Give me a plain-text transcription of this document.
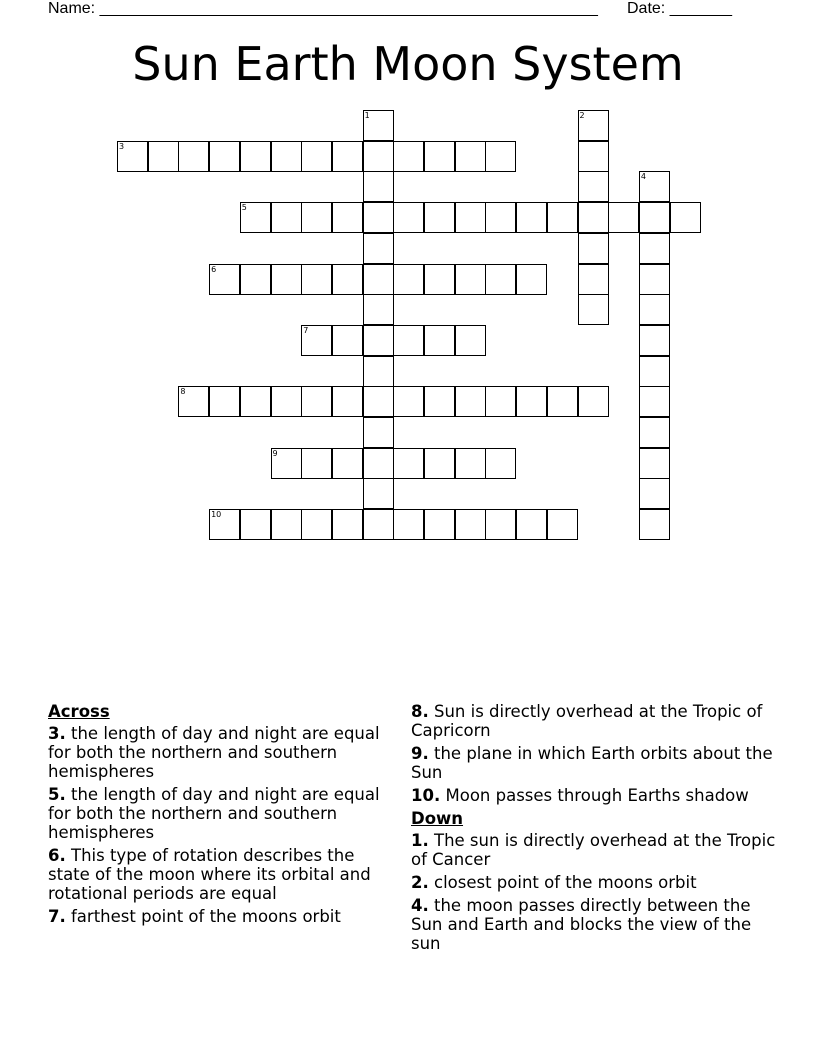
Name: ________________________________________________________ Date: _______
Sun Earth Moon System
1	2
3
4
5
6
7
8
9
10
Across
3. the length of day and night are equal for both the northern and southern hemispheres
5. the length of day and night are equal for both the northern and southern hemispheres
6. This type of rotation describes the state of the moon where its orbital and rotational periods are equal
7. farthest point of the moons orbit
8. Sun is directly overhead at the Tropic of Capricorn
9. the plane in which Earth orbits about the Sun
10. Moon passes through Earths shadow
Down
1. The sun is directly overhead at the Tropic of Cancer
2. closest point of the moons orbit
4. the moon passes directly between the Sun and Earth and blocks the view of the sun
